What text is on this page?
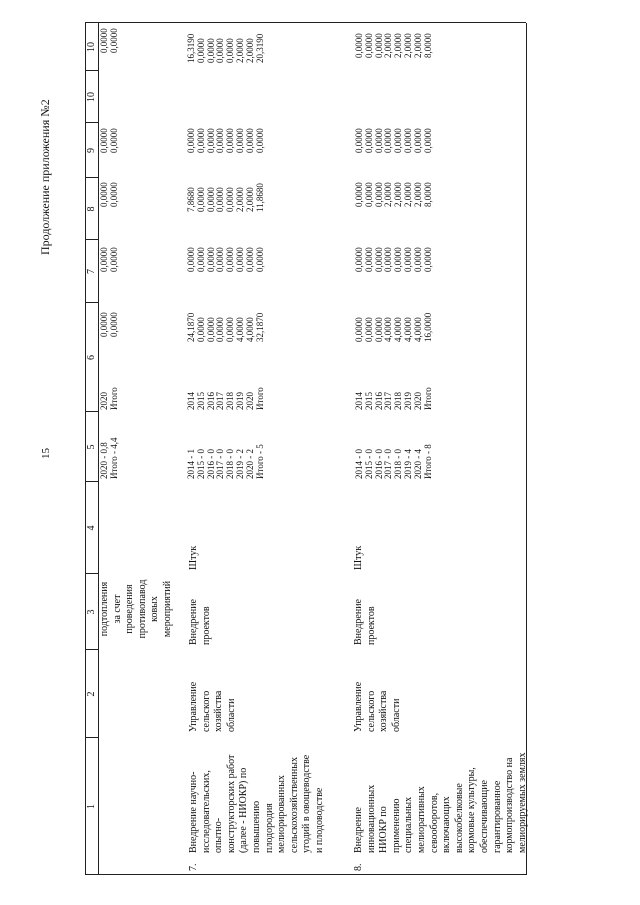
15
Продолжение приложения №2
1
2
3
4
5
6
7
8
9
10
10
подтопления за счет проведения противопавод ковых мероприятий
2020 - 0,8 Итого - 4,4
2020 Итого
0,0000 0,0000
0,0000 0,0000
0,0000 0,0000
0,0000 0,0000
0,0000 0,0000
7.
Внедрение научно- исследовательских, опытно- конструкторских работ (далее - НИОКР) по повышению плодородия мелиорированных сельскохозяйственных угодий в овощеводстве и плодоводстве
Управление сельского хозяйства области
Внедрение проектов
Штук
2014 - 1 2015 - 0 2016 - 0 2017 - 0 2018 - 0 2019 - 2 2020 - 2 Итого - 5
2014 2015 2016 2017 2018 2019 2020 Итого
24,1870 0,0000 0,0000 0,0000 0,0000 4,0000 4,0000 32,1870
0,0000 0,0000 0,0000 0,0000 0,0000 0,0000 0,0000 0,0000
7,8680 0,0000 0,0000 0,0000 0,0000 2,0000 2,0000 11,8680
0,0000 0,0000 0,0000 0,0000 0,0000 0,0000 0,0000 0,0000
16,3190 0,0000 0,0000 0,0000 0,0000 2,0000 2,0000 20,3190
8.
Внедрение инновационных НИОКР по применению специальных мелиоративных севооборотов, включающих высокобелковые кормовые культуры, обеспечивающие гарантированное кормопроизводство на мелиорируемых землях
Управление сельского хозяйства области
Внедрение проектов
Штук
2014 - 0 2015 - 0 2016 - 0 2017 - 0 2018 - 0 2019 - 4 2020 - 4 Итого - 8
2014 2015 2016 2017 2018 2019 2020 Итого
0,0000 0,0000 0,0000 4,0000 4,0000 4,0000 4,0000 16,0000
0,0000 0,0000 0,0000 0,0000 0,0000 0,0000 0,0000 0,0000
0,0000 0,0000 0,0000 2,0000 2,0000 2,0000 2,0000 8,0000
0,0000 0,0000 0,0000 0,0000 0,0000 0,0000 0,0000 0,0000
0,0000 0,0000 0,0000 2,0000 2,0000 2,0000 2,0000 8,0000
